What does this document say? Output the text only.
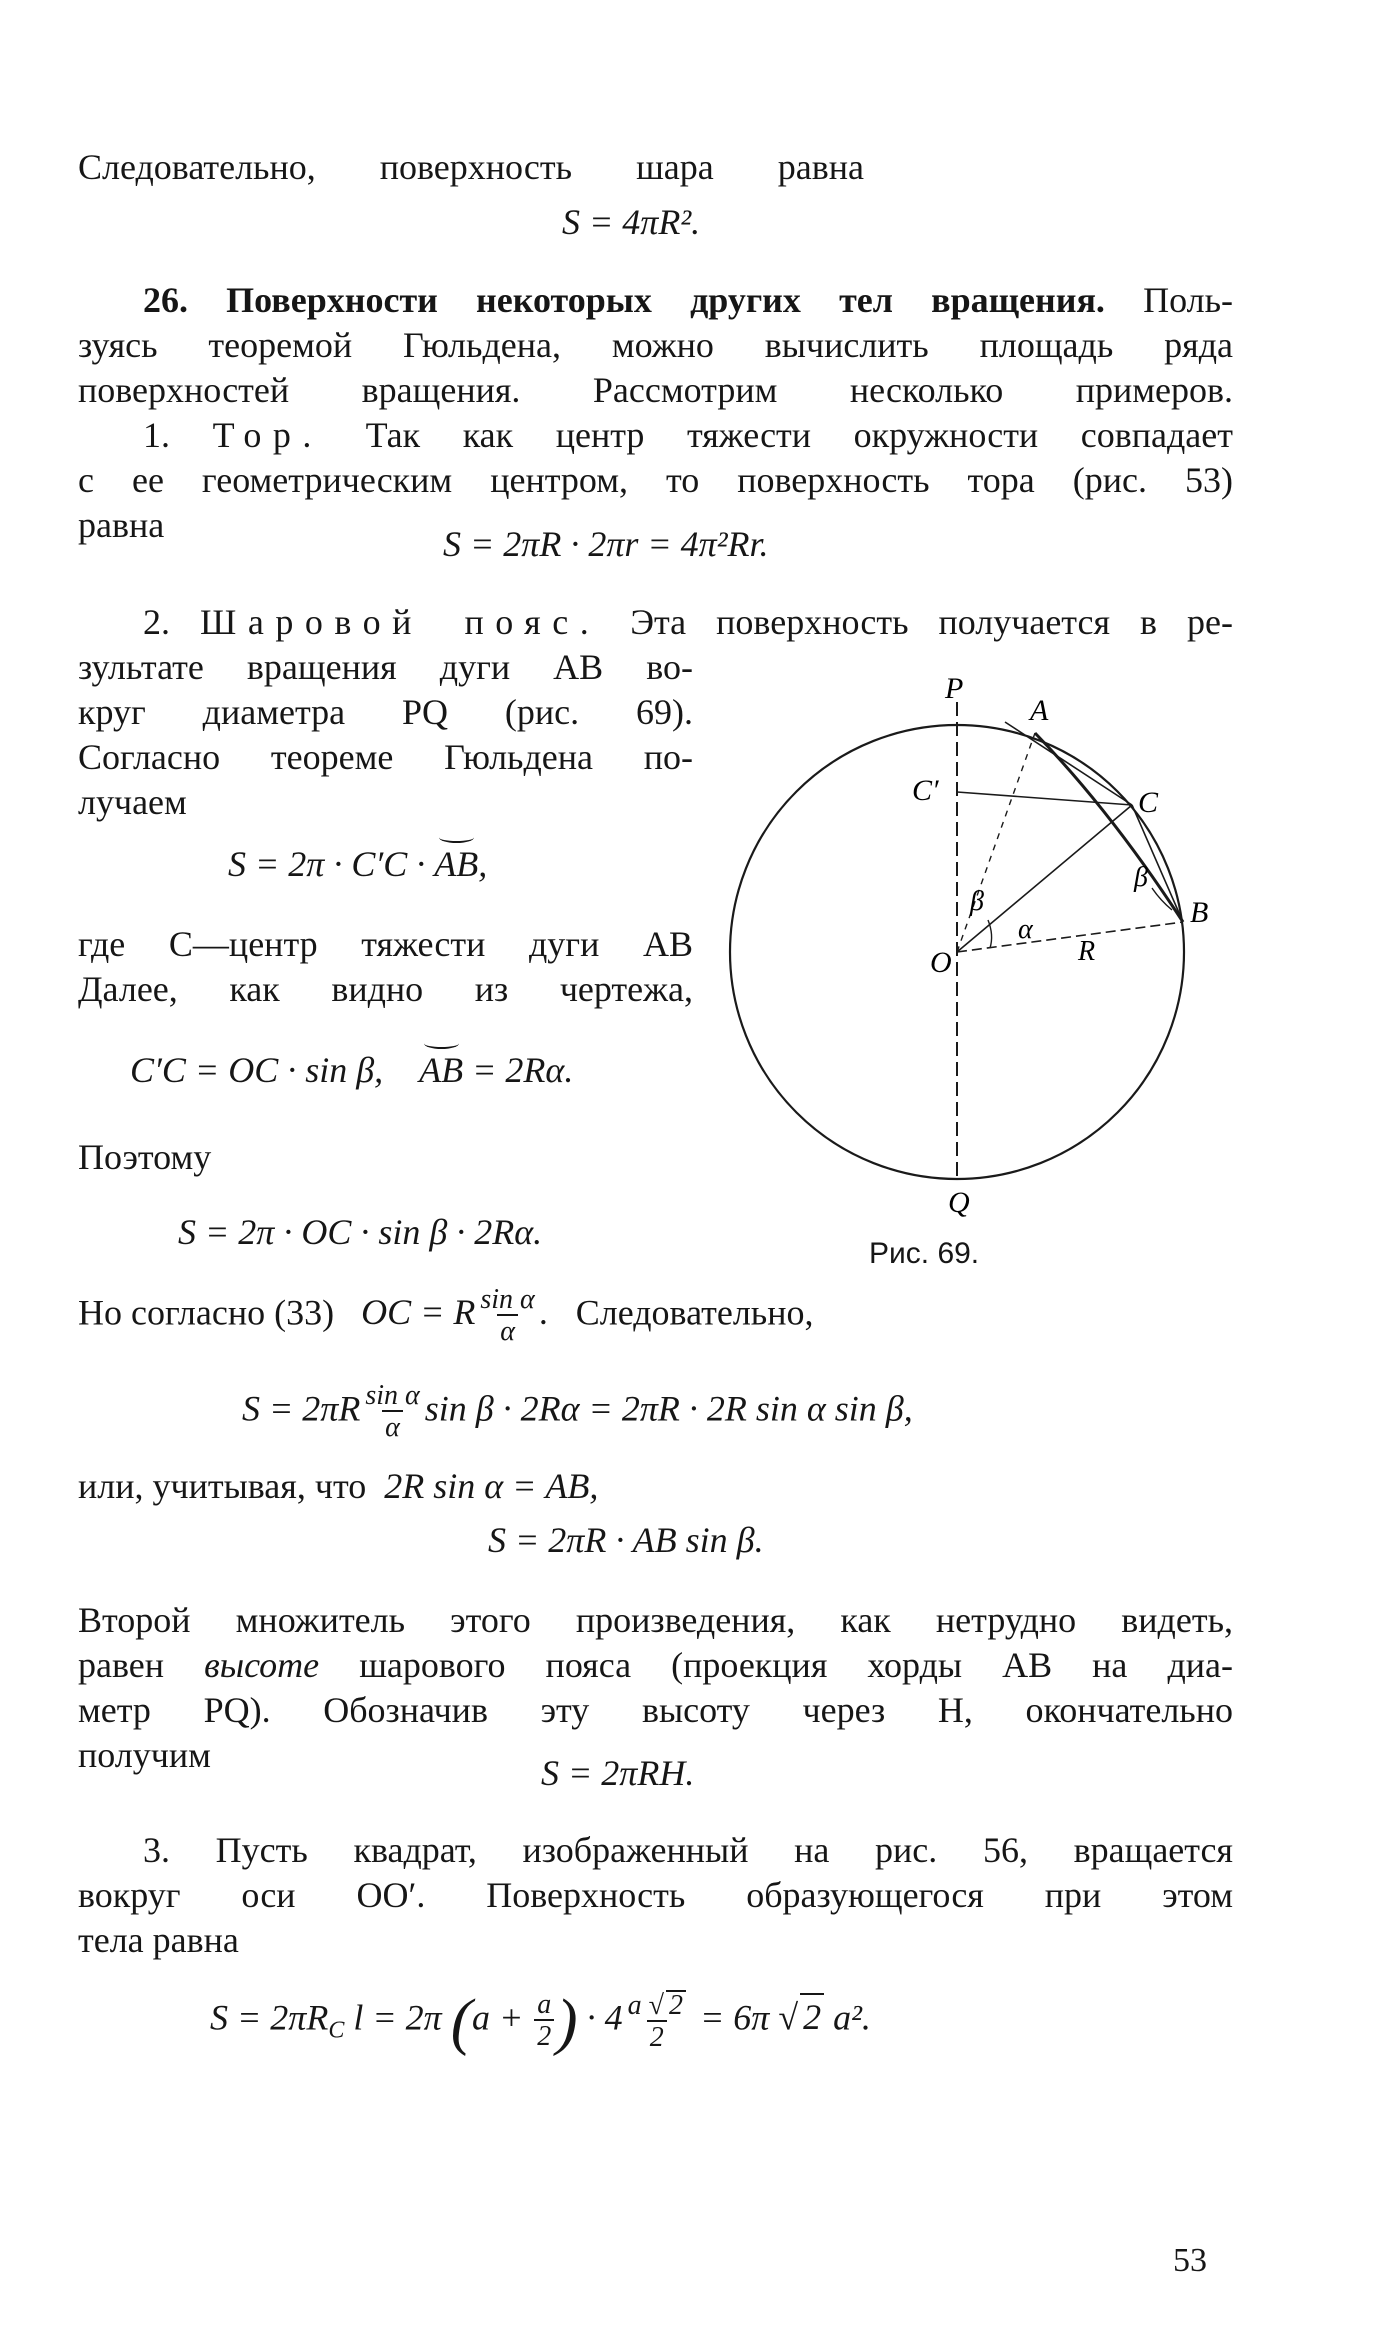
Следовательно, поверхность шара равна
S = 4πR².
26. Поверхности некоторых других тел вращения. Поль-
зуясь теоремой Гюльдена, можно вычислить площадь ряда
поверхностей вращения. Рассмотрим несколько примеров.
1. Тор. Так как центр тяжести окружности совпадает
с ее геометрическим центром, то поверхность тора (рис. 53)
равна	S = 2πR · 2πr = 4π²Rr.
2. Шаровой пояс. Эта поверхность получается в ре-
зультате вращения дуги AB во-
круг диаметра PQ (рис. 69).
Согласно теореме Гюльдена по-
лучаем
S = 2π · C′C · AB,
где C—центр тяжести дуги AB
Далее, как видно из чертежа,
C′C = OC · sin β,    AB = 2Rα.
Поэтому
S = 2π · OC · sin β · 2Rα.
Но согласно (33) OC = R $\frac{\text{sin α}}{\alpha}$ . Следовательно,
$S = 2\pi R \frac{\text{sin α}}{\alpha}$ sin β · 2Rα = 2πR · 2R sin α sin β,
или, учитывая, что 2R sin α = AB,
S = 2πR · AB sin β.
Второй множитель этого произведения, как нетрудно видеть,
равен высоте шарового пояса (проекция хорды AB на диа-
метр PQ). Обозначив эту высоту через H, окончательно
получим	S = 2πRH.
3. Пусть квадрат, изображенный на рис. 56, вращается
вокруг оси OO′. Поверхность образующегося при этом
тела равна
$S = 2\pi R_C$ l = 2π ($a + \frac{a}{2}$ ) · $4 \frac{a √ 2}{2} = 6\pi$ √ 2 a².
P
A
C′	C
β
α
β
B
O	R
Q
Рис. 69.
53
